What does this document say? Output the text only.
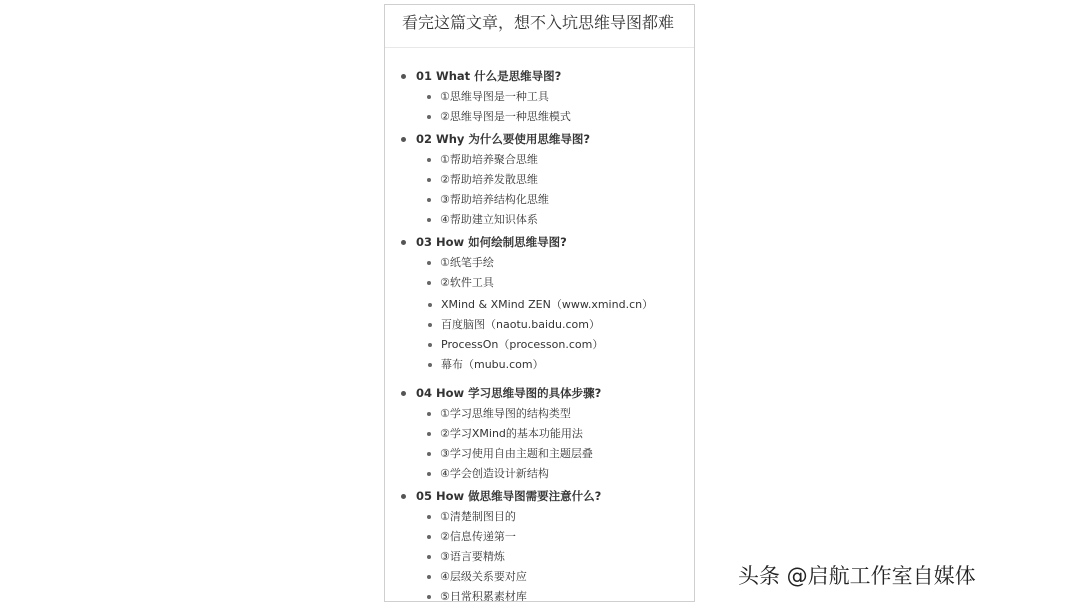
看完这篇文章，想不入坑思维导图都难
01 What 什么是思维导图?
①思维导图是一种工具
②思维导图是一种思维模式
02 Why 为什么要使用思维导图?
①帮助培养聚合思维
②帮助培养发散思维
③帮助培养结构化思维
④帮助建立知识体系
03 How 如何绘制思维导图?
①纸笔手绘
②软件工具
XMind & XMind ZEN（www.xmind.cn）
百度脑图（naotu.baidu.com）
ProcessOn（processon.com）
幕布（mubu.com）
04 How 学习思维导图的具体步骤?
①学习思维导图的结构类型
②学习XMind的基本功能用法
③学习使用自由主题和主题层叠
④学会创造设计新结构
05 How 做思维导图需要注意什么?
①清楚制图目的
②信息传递第一
③语言要精炼
④层级关系要对应
⑤日常积累素材库
头条 @启航工作室自媒体
